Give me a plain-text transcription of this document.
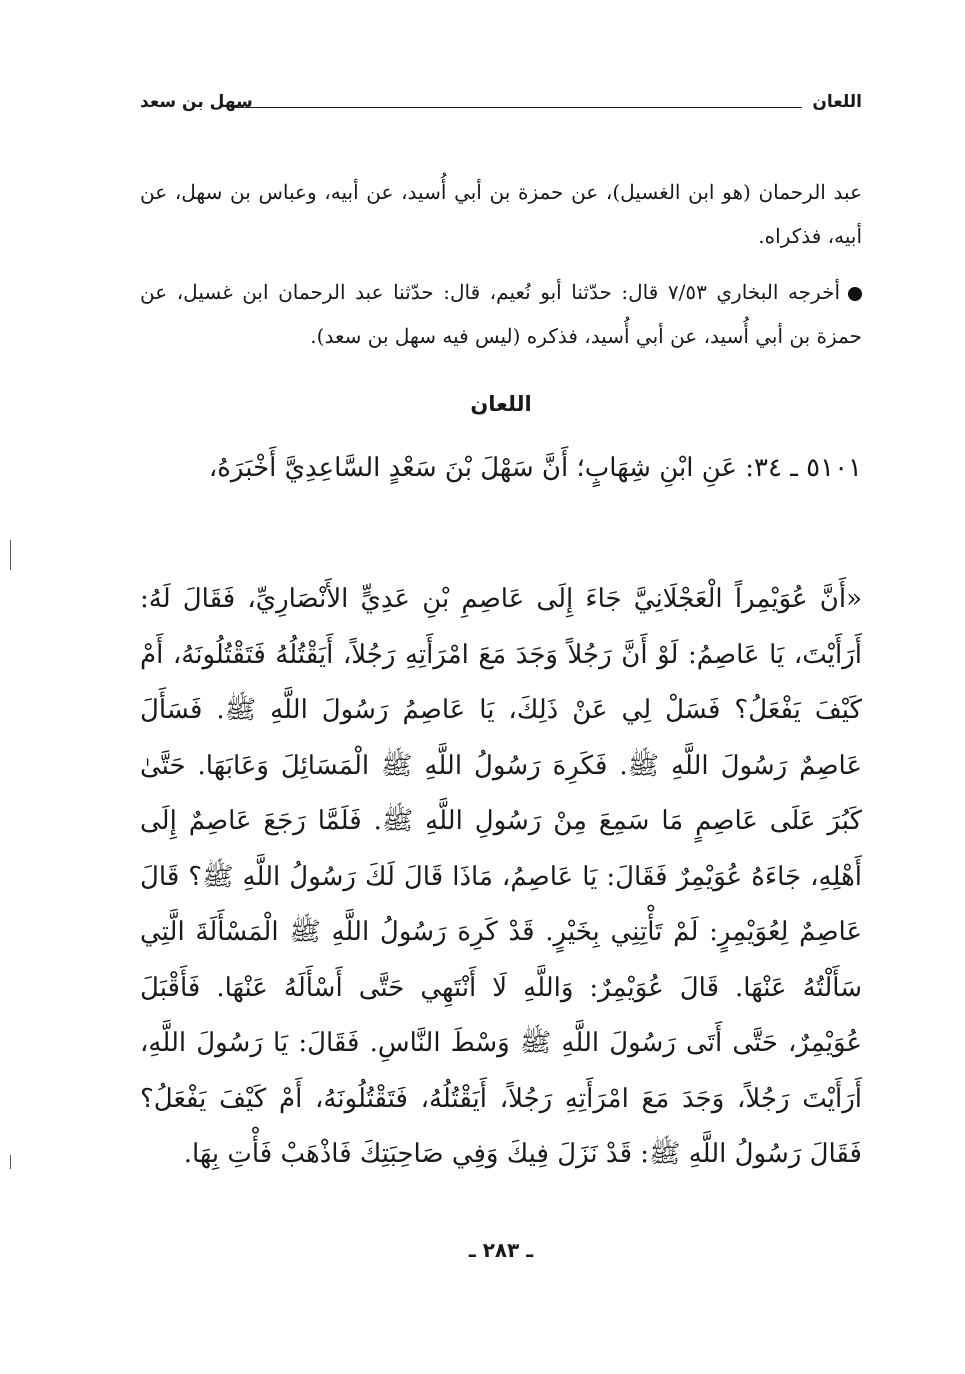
اللعان
سهل بن سعد

عبد الرحمان (هو ابن الغسيل)، عن حمزة بن أبي أُسيد، عن أبيه، وعباس بن سهل، عن أبيه، فذكراه.

أخرجه البخاري ٧/٥٣ قال: حدّثنا أبو نُعيم، قال: حدّثنا عبد الرحمان ابن غسيل، عن حمزة بن أبي أُسيد، عن أبي أُسيد، فذكره (ليس فيه سهل بن سعد).

اللعان
٥١٠١ ـ ٣٤: عَنِ ابْنِ شِهَابٍ؛ أَنَّ سَهْلَ بْنَ سَعْدٍ السَّاعِدِيَّ أَخْبَرَهُ،
«أَنَّ عُوَيْمِراً الْعَجْلَانِيَّ جَاءَ إِلَى عَاصِمِ بْنِ عَدِيٍّ الأَنْصَارِيِّ، فَقَالَ لَهُ: أَرَأَيْتَ، يَا عَاصِمُ: لَوْ أَنَّ رَجُلاً وَجَدَ مَعَ امْرَأَتِهِ رَجُلاً، أَيَقْتُلُهُ فَتَقْتُلُونَهُ، أَمْ كَيْفَ يَفْعَلُ؟ فَسَلْ لِي عَنْ ذَلِكَ، يَا عَاصِمُ رَسُولَ اللَّهِ ﷺ. فَسَأَلَ عَاصِمٌ رَسُولَ اللَّهِ ﷺ. فَكَرِهَ رَسُولُ اللَّهِ ﷺ الْمَسَائِلَ وَعَابَهَا. حَتَّىٰ كَبُرَ عَلَى عَاصِمٍ مَا سَمِعَ مِنْ رَسُولِ اللَّهِ ﷺ. فَلَمَّا رَجَعَ عَاصِمٌ إِلَى أَهْلِهِ، جَاءَهُ عُوَيْمِرٌ فَقَالَ: يَا عَاصِمُ، مَاذَا قَالَ لَكَ رَسُولُ اللَّهِ ﷺ؟ قَالَ عَاصِمٌ لِعُوَيْمِرٍ: لَمْ تَأْتِنِي بِخَيْرٍ. قَدْ كَرِهَ رَسُولُ اللَّهِ ﷺ الْمَسْأَلَةَ الَّتِي سَأَلْتُهُ عَنْهَا. قَالَ عُوَيْمِرٌ: وَاللَّهِ لَا أَنْتَهِي حَتَّى أَسْأَلَهُ عَنْهَا. فَأَقْبَلَ عُوَيْمِرٌ، حَتَّى أَتَى رَسُولَ اللَّهِ ﷺ وَسْطَ النَّاسِ. فَقَالَ: يَا رَسُولَ اللَّهِ، أَرَأَيْتَ رَجُلاً، وَجَدَ مَعَ امْرَأَتِهِ رَجُلاً، أَيَقْتُلُهُ، فَتَقْتُلُونَهُ، أَمْ كَيْفَ يَفْعَلُ؟ فَقَالَ رَسُولُ اللَّهِ ﷺ: قَدْ نَزَلَ فِيكَ وَفِي صَاحِبَتِكَ فَاذْهَبْ فَأْتِ بِهَا.
ـ ٢٨٣ ـ
